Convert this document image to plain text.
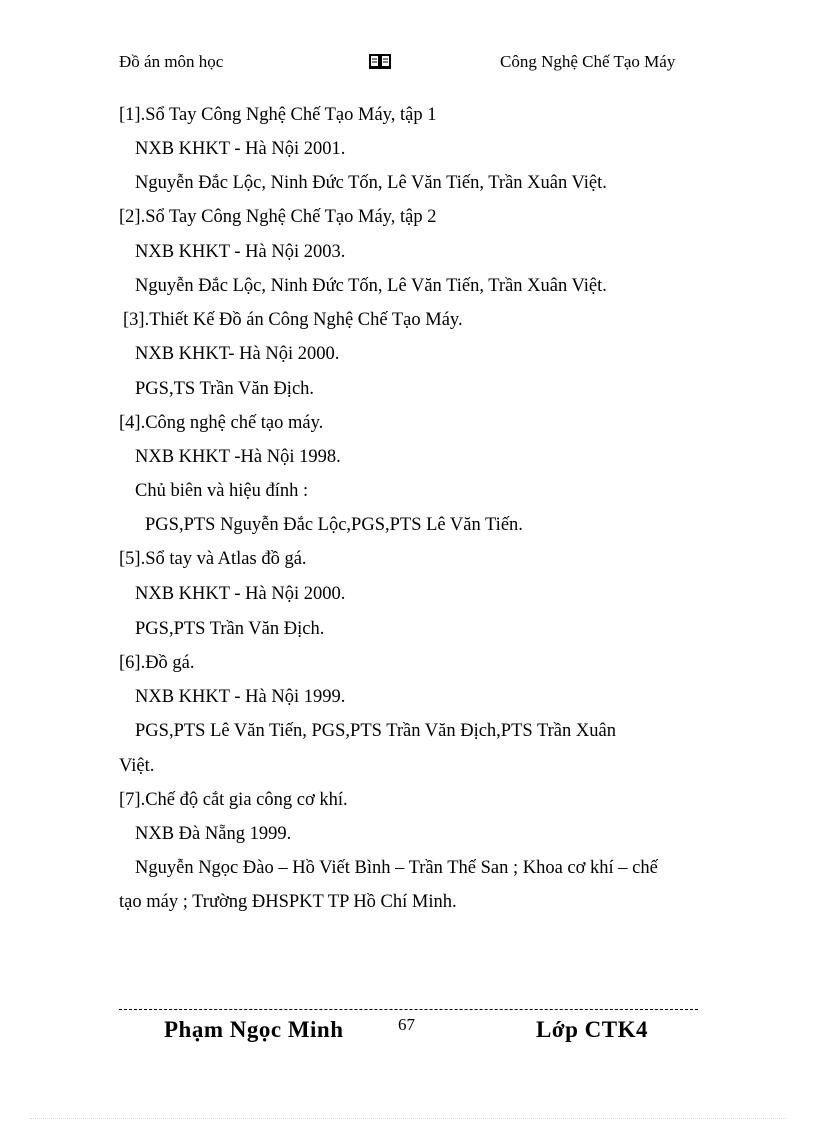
Đồ án môn học	Công Nghệ Chế Tạo Máy
[1].Sổ Tay Công Nghệ Chế Tạo Máy, tập 1
NXB KHKT - Hà Nội 2001.
Nguyễn Đắc Lộc, Ninh Đức Tốn, Lê Văn Tiến, Trần Xuân Việt.
[2].Sổ Tay Công Nghệ Chế Tạo Máy, tập 2
NXB KHKT - Hà Nội 2003.
Nguyễn Đắc Lộc, Ninh Đức Tốn, Lê Văn Tiến, Trần Xuân Việt.
[3].Thiết Kế Đồ án Công Nghệ Chế Tạo Máy.
NXB KHKT- Hà Nội 2000.
PGS,TS Trần Văn Địch.
[4].Công nghệ chế tạo máy.
NXB KHKT -Hà Nội 1998.
Chủ biên và hiệu đính :
PGS,PTS Nguyễn Đắc Lộc,PGS,PTS Lê Văn Tiến.
[5].Sổ tay và Atlas đồ gá.
NXB KHKT - Hà Nội 2000.
PGS,PTS Trần Văn Địch.
[6].Đồ gá.
NXB KHKT - Hà Nội 1999.
PGS,PTS Lê Văn Tiến, PGS,PTS Trần Văn Địch,PTS Trần Xuân
Việt.
[7].Chế độ cắt gia công cơ khí.
NXB Đà Nẵng 1999.
Nguyễn Ngọc Đào – Hồ Viết Bình – Trần Thế San ; Khoa cơ khí – chế
tạo máy ; Trường ĐHSPKT TP Hồ Chí Minh.
Phạm Ngọc Minh	67	Lớp CTK4
